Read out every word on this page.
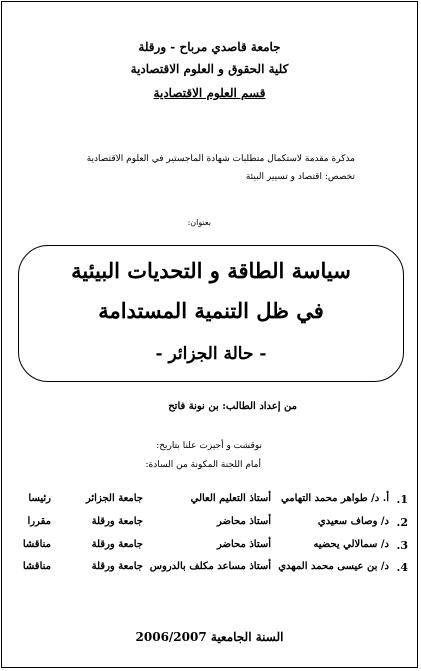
جامعة قاصدي مرباح - ورقلة
كلية الحقوق و العلوم الاقتصادية
قسم العلوم الاقتصادية
مذكرة مقدمة لاستكمال متطلبات شهادة الماجستير في العلوم الاقتصادية
تخصص: اقتصاد و تسيير البيئة
بعنوان:
سياسة الطاقة و التحديات البيئية
في ظل التنمية المستدامة
- حالة الجزائر -
من إعداد الطالب: بن نونة فاتح
نوقشت و أجيزت علنا بتاريخ:
أمام اللجنة المكونة من السادة:
1.
أ. د/ طواهر محمد التهامي
أستاذ التعليم العالي
جامعة الجزائر
رئيسا
2.
د/ وصاف سعيدي
أستاذ محاضر
جامعة ورقلة
مقررا
3.
د/ سمالالي يحضيه
أستاذ محاضر
جامعة ورقلة
مناقشا
4.
د/ بن عيسى محمد المهدي
أستاذ مساعد مكلف بالدروس
جامعة ورقلة
مناقشا
السنة الجامعية 2006/2007
